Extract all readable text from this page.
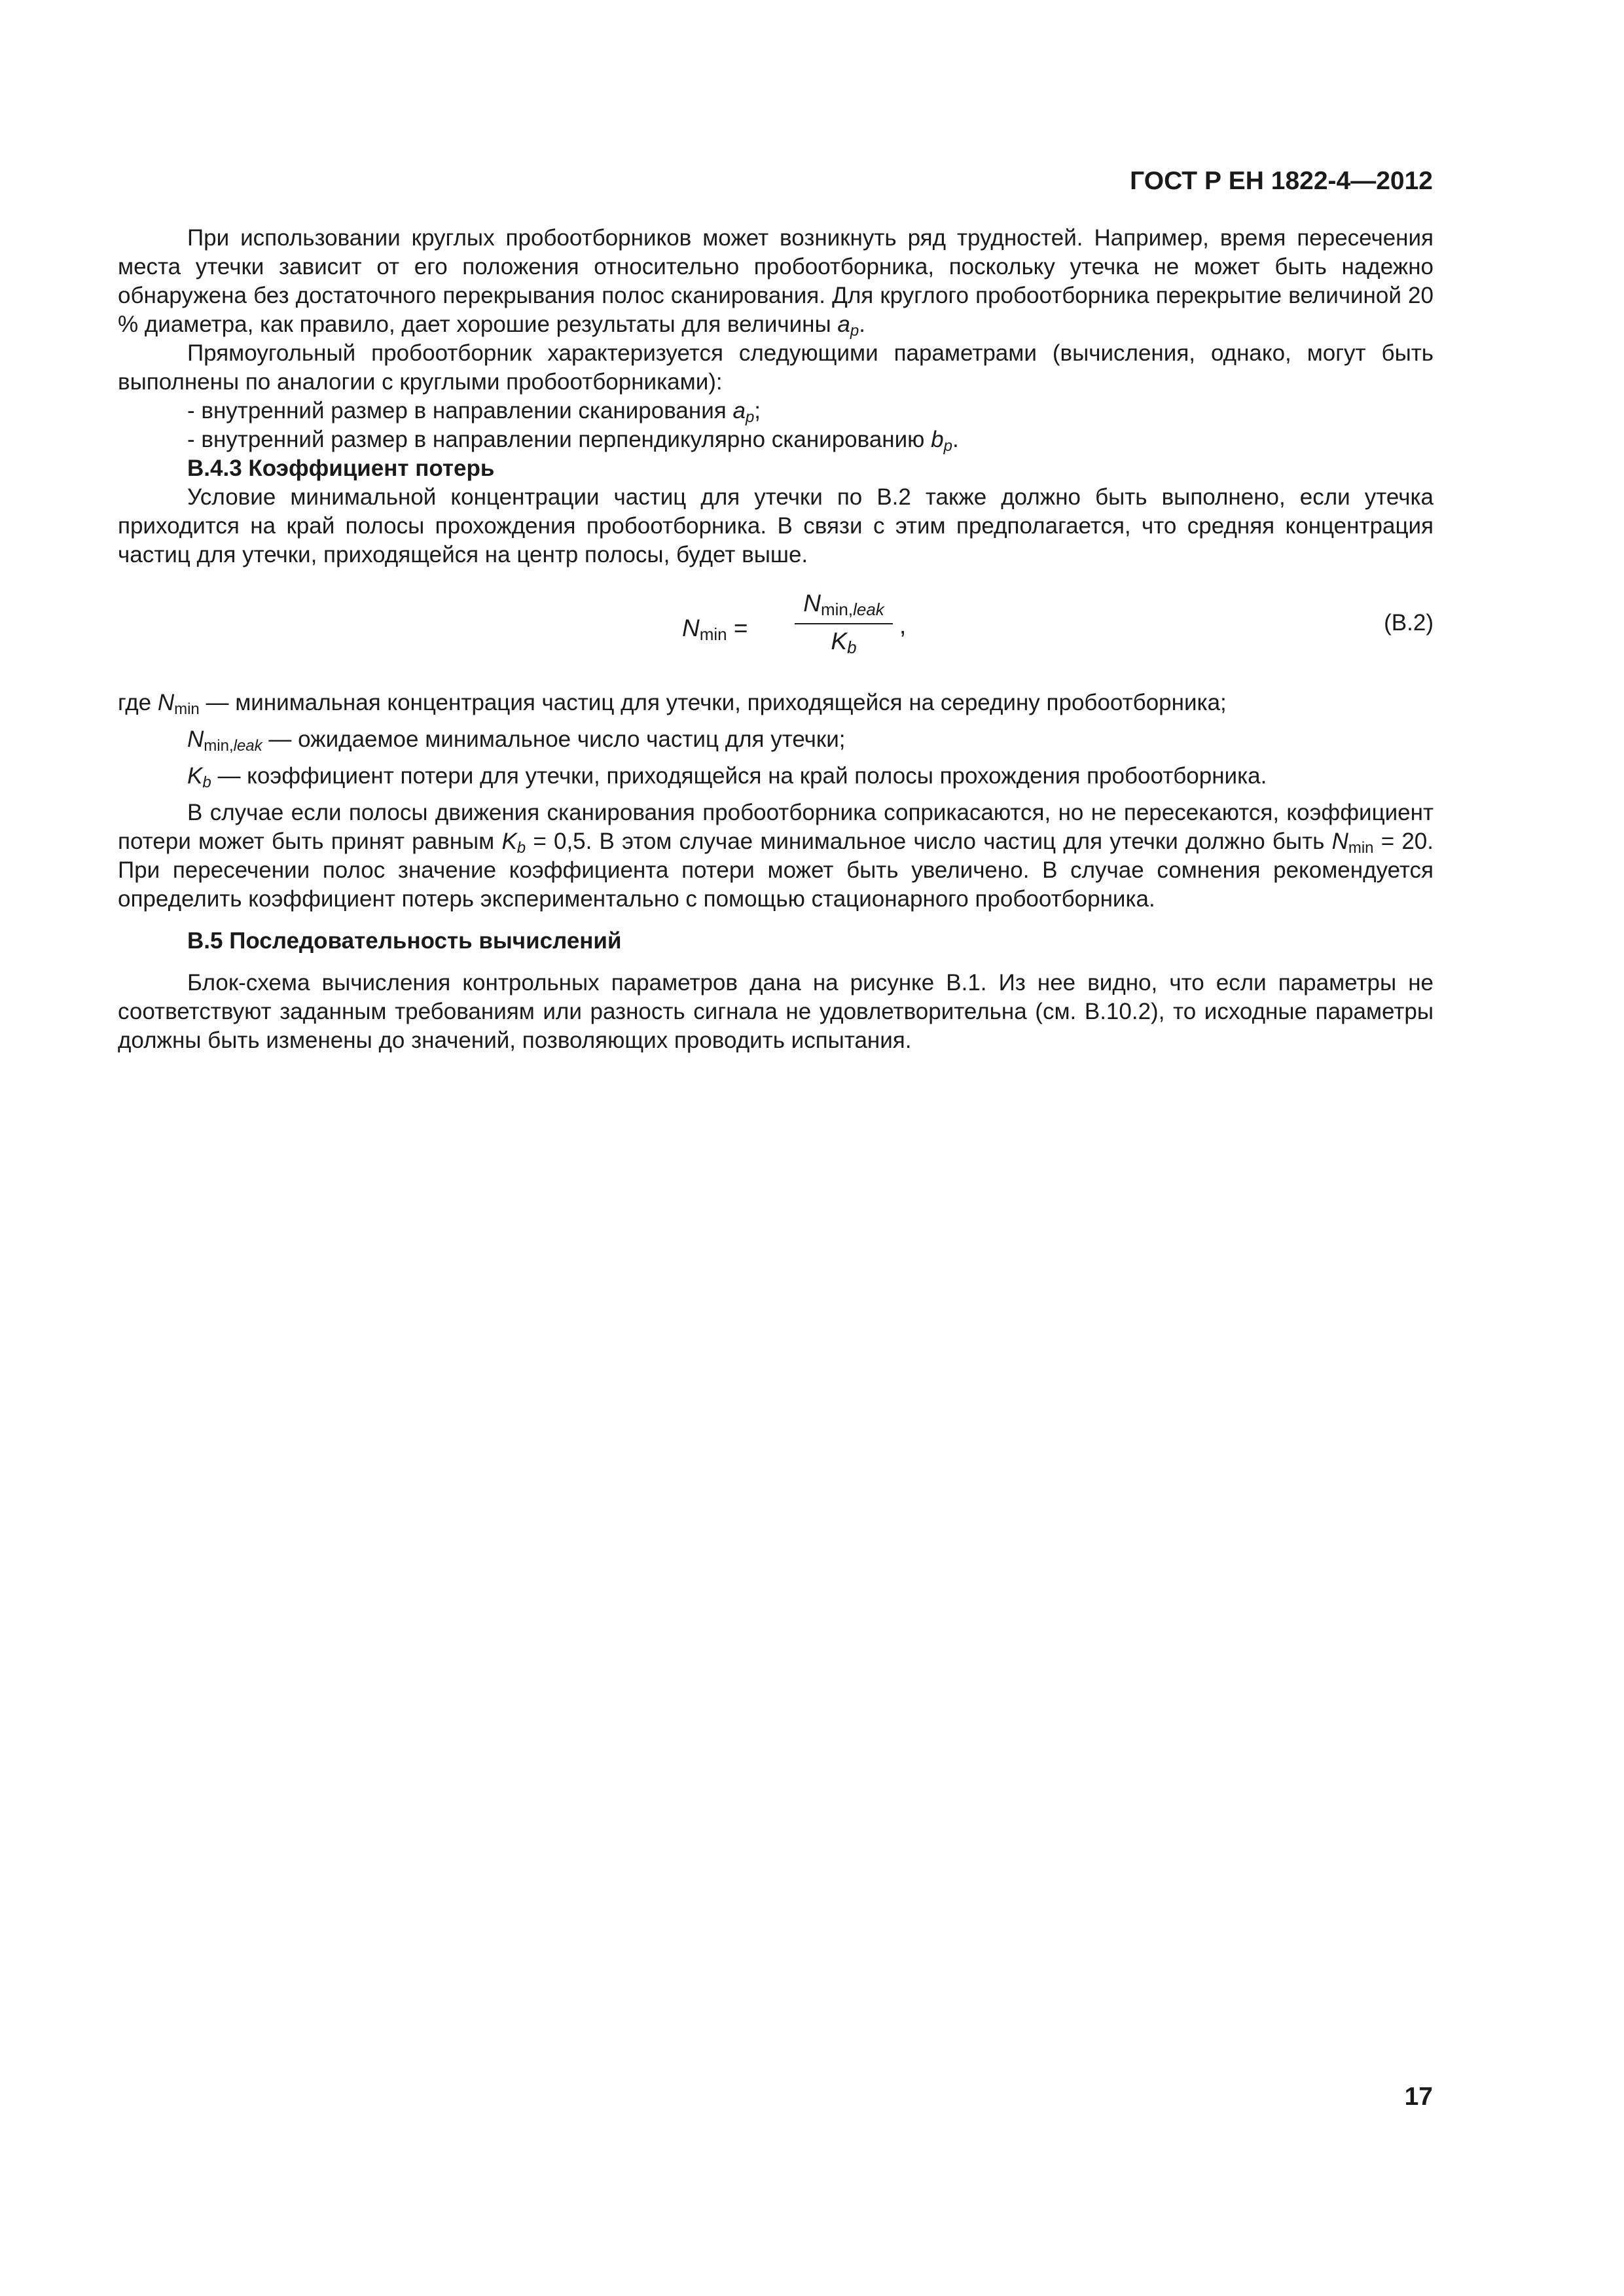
ГОСТ Р ЕН 1822-4—2012

При использовании круглых пробоотборников может возникнуть ряд трудностей. Например, время пересечения места утечки зависит от его положения относительно пробоотборника, поскольку утечка не может быть надежно обнаружена без достаточного перекрывания полос сканирования. Для круглого пробоотборника перекрытие величиной 20 % диаметра, как правило, дает хорошие результаты для величины $a_p$.

Прямоугольный пробоотборник характеризуется следующими параметрами (вычисления, однако, могут быть выполнены по аналогии с круглыми пробоотборниками):

- внутренний размер в направлении сканирования $a_p$;

- внутренний размер в направлении перпендикулярно сканированию $b_p$.

В.4.3 Коэффициент потерь

Условие минимальной концентрации частиц для утечки по В.2 также должно быть выполнено, если утечка приходится на край полосы прохождения пробоотборника. В связи с этим предполагается, что средняя концентрация частиц для утечки, приходящейся на центр полосы, будет выше.

Nmin =
Nmin,leak
Kb
,	(В.2)

где $N_{min}$ — минимальная концентрация частиц для утечки, приходящейся на середину пробоотборника;

$N_{min,leak}$ — ожидаемое минимальное число частиц для утечки;

$K_b$ — коэффициент потери для утечки, приходящейся на край полосы прохождения пробоотборника.

В случае если полосы движения сканирования пробоотборника соприкасаются, но не пересекаются, коэффициент потери может быть принят равным $K_b = 0,5$. В этом случае минимальное число частиц для утечки должно быть $N_{min} = 20$. При пересечении полос значение коэффициента потери может быть увеличено. В случае сомнения рекомендуется определить коэффициент потерь экспериментально с помощью стационарного пробоотборника.

В.5 Последовательность вычислений

Блок-схема вычисления контрольных параметров дана на рисунке В.1. Из нее видно, что если параметры не соответствуют заданным требованиям или разность сигнала не удовлетворительна (см. В.10.2), то исходные параметры должны быть изменены до значений, позволяющих проводить испытания.

17
